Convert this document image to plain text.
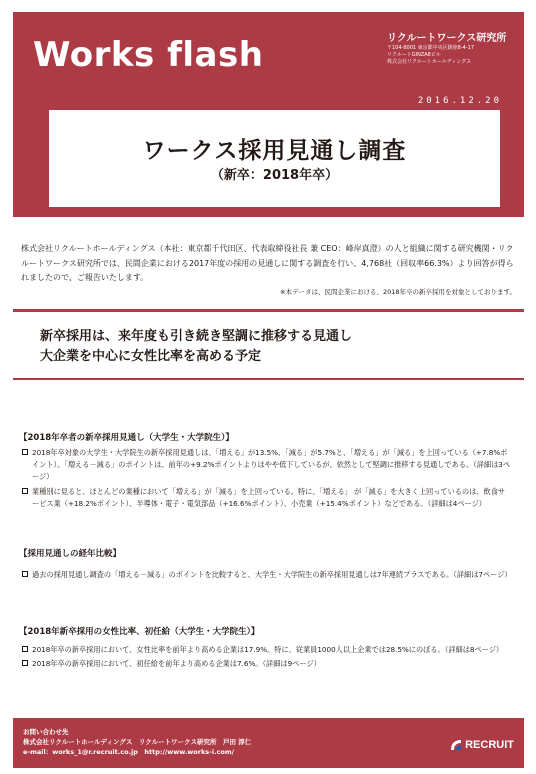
Works flash	リクルートワークス研究所
〒104-8001 東京都中央区銀座8-4-17
リクルートGINZA8ビル
株式会社リクルートホールディングス
2016.12.20
ワークス採用見通し調査
（新卒：2018年卒）
株式会社リクルートホールディングス（本社：東京都千代田区、代表取締役社長 兼 CEO：峰岸真澄）の人と組織に関する研究機関・リクルートワークス研究所では、民間企業における2017年度の採用の見通しに関する調査を行い、4,768社（回収率66.3%）より回答が得られましたので、ご報告いたします。
※本データは、民間企業における、2018年卒の新卒採用を対象としております。
新卒採用は、来年度も引き続き堅調に推移する見通し
大企業を中心に女性比率を高める予定
【2018年卒者の新卒採用見通し（大学生・大学院生）】
2018年卒対象の大学生・大学院生の新卒採用見通しは、「増える」が13.5%、「減る」が5.7%と、「増える」が「減る」を上回っている（+7.8%ポイント）。「増える－減る」のポイントは、前年の+9.2%ポイントよりはやや低下しているが、依然として堅調に推移する見通しである。（詳細は3ページ）
業種別に見ると、ほとんどの業種において「増える」が「減る」を上回っている。特に、「増える」 が「減る」を大きく上回っているのは、飲食サービス業（+18.2%ポイント）、半導体・電子・電気部品（+16.6%ポイント）、小売業（+15.4%ポイント）などである。（詳細は4ページ）
【採用見通しの経年比較】
過去の採用見通し調査の「増える－減る」のポイントを比較すると、大学生・大学院生の新卒採用見通しは7年連続プラスである。（詳細は7ページ）
【2018年新卒採用の女性比率、初任給（大学生・大学院生）】
2018年卒の新卒採用において、女性比率を前年より高める企業は17.9%。特に、従業員1000人以上企業では28.5%にのぼる。（詳細は8ページ）
2018年卒の新卒採用において、初任給を前年より高める企業は7.6%。（詳細は9ページ）
お問い合わせ先
株式会社リクルートホールディングス　リクルートワークス研究所　戸田 淳仁
e-mail：works_1@r.recruit.co.jp　http://www.works-i.com/
RECRUIT
